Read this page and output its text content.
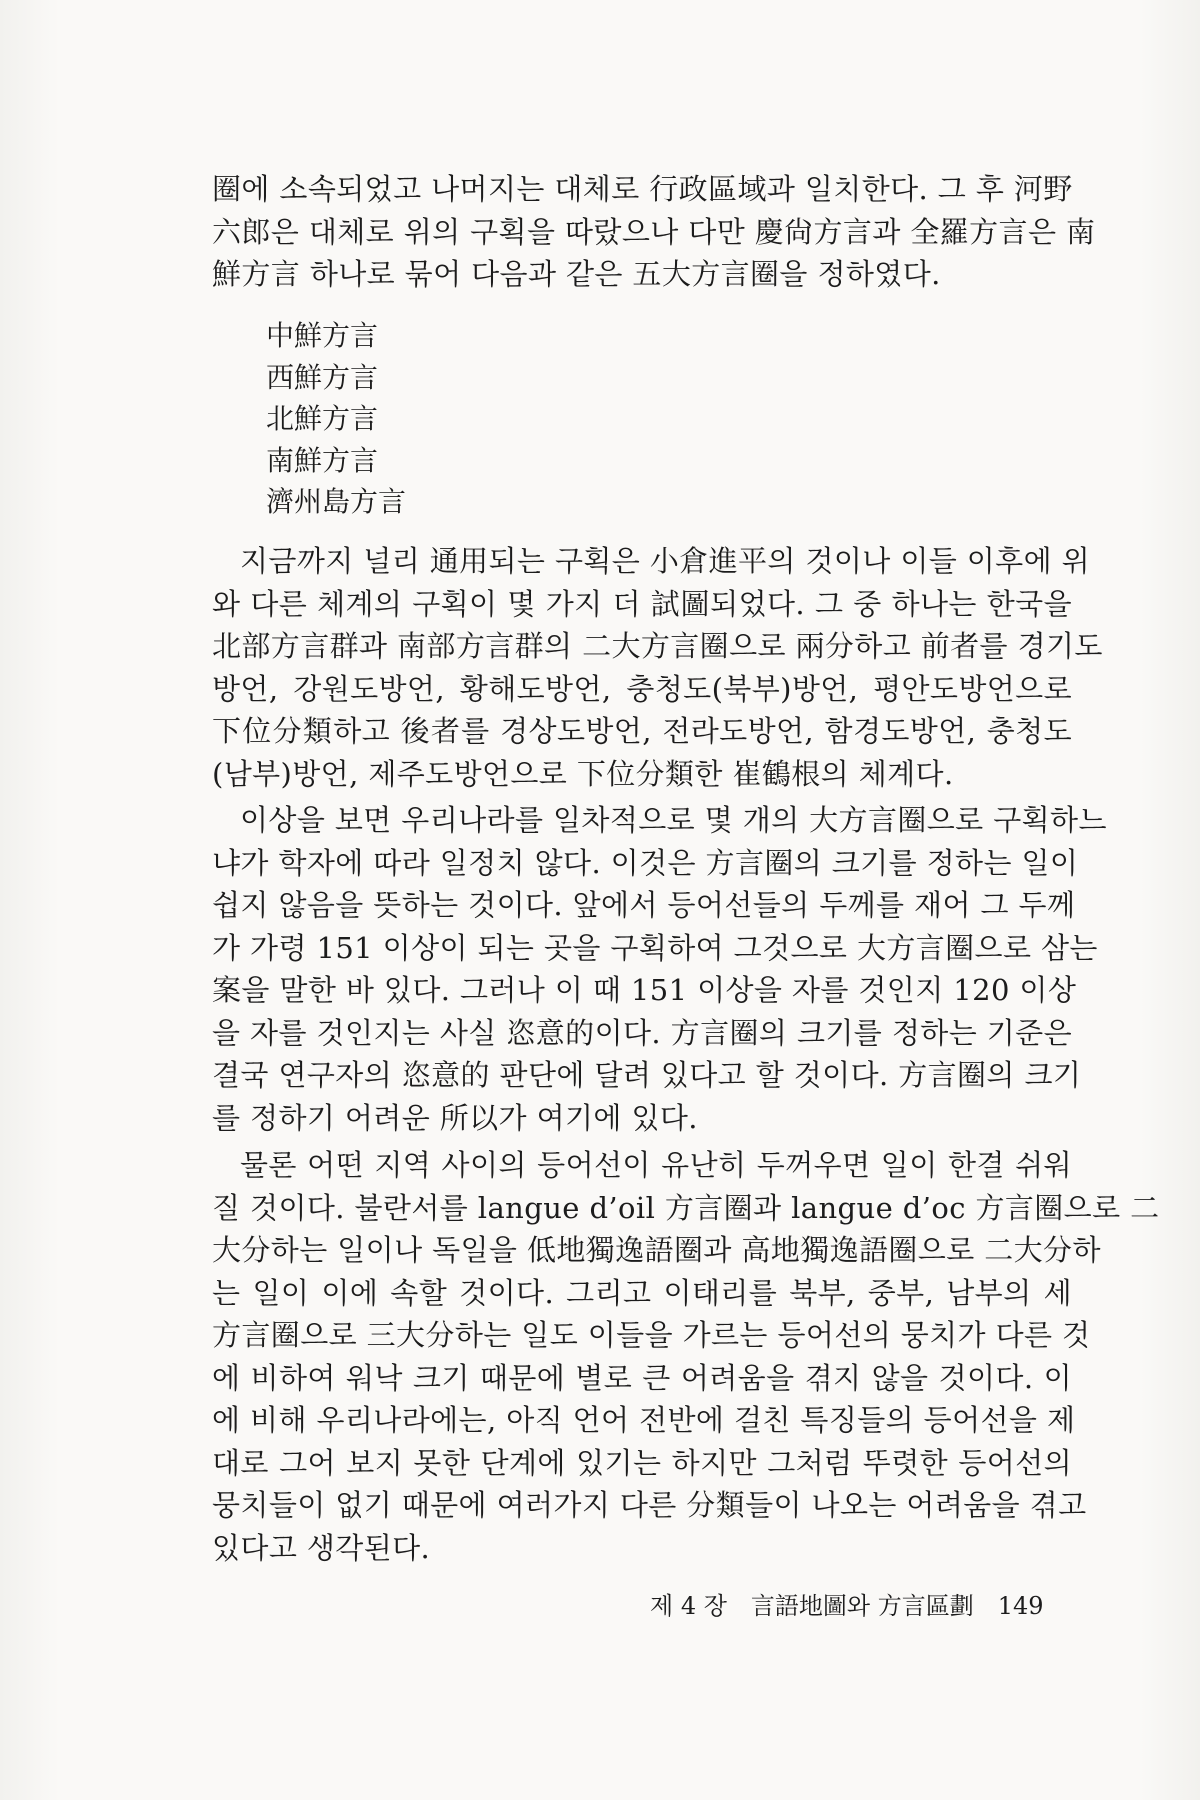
圈에 소속되었고 나머지는 대체로 行政區域과 일치한다. 그 후 河野
六郎은 대체로 위의 구획을 따랐으나 다만 慶尙方言과 全羅方言은 南
鮮方言 하나로 묶어 다음과 같은 五大方言圈을 정하였다.
中鮮方言
西鮮方言
北鮮方言
南鮮方言
濟州島方言
지금까지 널리 通用되는 구획은 小倉進平의 것이나 이들 이후에 위
와 다른 체계의 구획이 몇 가지 더 試圖되었다. 그 중 하나는 한국을
北部方言群과 南部方言群의 二大方言圈으로 兩分하고 前者를 경기도
방언, 강원도방언, 황해도방언, 충청도(북부)방언, 평안도방언으로
下位分類하고 後者를 경상도방언, 전라도방언, 함경도방언, 충청도
(남부)방언, 제주도방언으로 下位分類한 崔鶴根의 체계다.
이상을 보면 우리나라를 일차적으로 몇 개의 大方言圈으로 구획하느
냐가 학자에 따라 일정치 않다. 이것은 方言圈의 크기를 정하는 일이
쉽지 않음을 뜻하는 것이다. 앞에서 등어선들의 두께를 재어 그 두께
가 가령 151 이상이 되는 곳을 구획하여 그것으로 大方言圈으로 삼는
案을 말한 바 있다. 그러나 이 때 151 이상을 자를 것인지 120 이상
을 자를 것인지는 사실 恣意的이다. 方言圈의 크기를 정하는 기준은
결국 연구자의 恣意的 판단에 달려 있다고 할 것이다. 方言圈의 크기
를 정하기 어려운 所以가 여기에 있다.
물론 어떤 지역 사이의 등어선이 유난히 두꺼우면 일이 한결 쉬워
질 것이다. 불란서를 langue d’oil 方言圈과 langue d’oc 方言圈으로 二
大分하는 일이나 독일을 低地獨逸語圈과 高地獨逸語圈으로 二大分하
는 일이 이에 속할 것이다. 그리고 이태리를 북부, 중부, 남부의 세
方言圈으로 三大分하는 일도 이들을 가르는 등어선의 뭉치가 다른 것
에 비하여 워낙 크기 때문에 별로 큰 어려움을 겪지 않을 것이다. 이
에 비해 우리나라에는, 아직 언어 전반에 걸친 특징들의 등어선을 제
대로 그어 보지 못한 단계에 있기는 하지만 그처럼 뚜렷한 등어선의
뭉치들이 없기 때문에 여러가지 다른 分類들이 나오는 어려움을 겪고
있다고 생각된다.
제 4 장 言語地圖와 方言區劃 149
